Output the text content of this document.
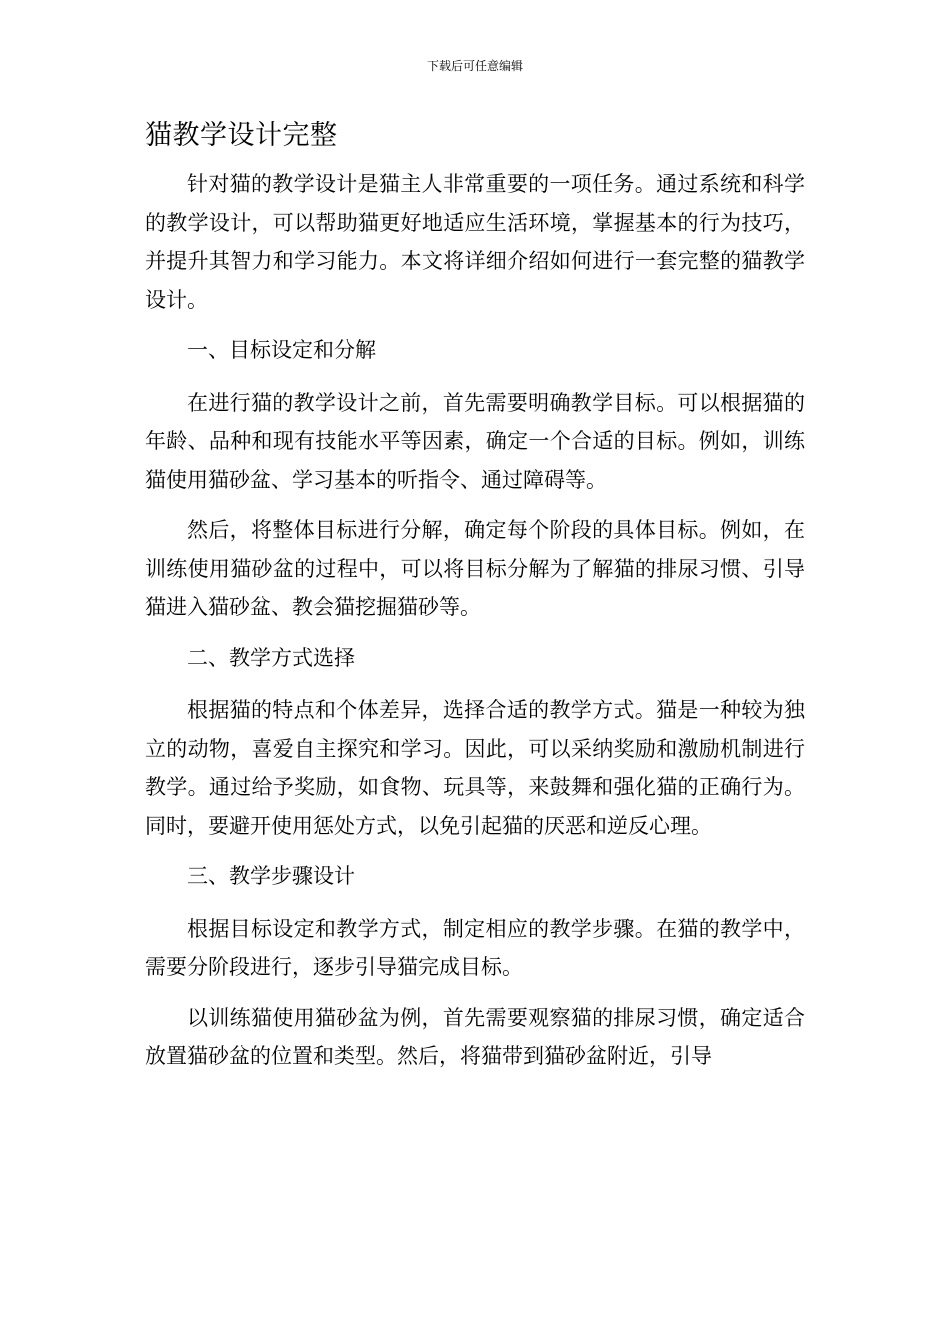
下载后可任意编辑
猫教学设计完整

针对猫的教学设计是猫主人非常重要的一项任务。通过系统和科学的教学设计，可以帮助猫更好地适应生活环境，掌握基本的行为技巧，并提升其智力和学习能力。本文将详细介绍如何进行一套完整的猫教学设计。

一、目标设定和分解

在进行猫的教学设计之前，首先需要明确教学目标。可以根据猫的年龄、品种和现有技能水平等因素，确定一个合适的目标。例如，训练猫使用猫砂盆、学习基本的听指令、通过障碍等。

然后，将整体目标进行分解，确定每个阶段的具体目标。例如，在训练使用猫砂盆的过程中，可以将目标分解为了解猫的排尿习惯、引导猫进入猫砂盆、教会猫挖掘猫砂等。

二、教学方式选择

根据猫的特点和个体差异，选择合适的教学方式。猫是一种较为独立的动物，喜爱自主探究和学习。因此，可以采纳奖励和激励机制进行教学。通过给予奖励，如食物、玩具等，来鼓舞和强化猫的正确行为。同时，要避开使用惩处方式，以免引起猫的厌恶和逆反心理。

三、教学步骤设计

根据目标设定和教学方式，制定相应的教学步骤。在猫的教学中，需要分阶段进行，逐步引导猫完成目标。

以训练猫使用猫砂盆为例，首先需要观察猫的排尿习惯，确定适合放置猫砂盆的位置和类型。然后，将猫带到猫砂盆附近，引导
